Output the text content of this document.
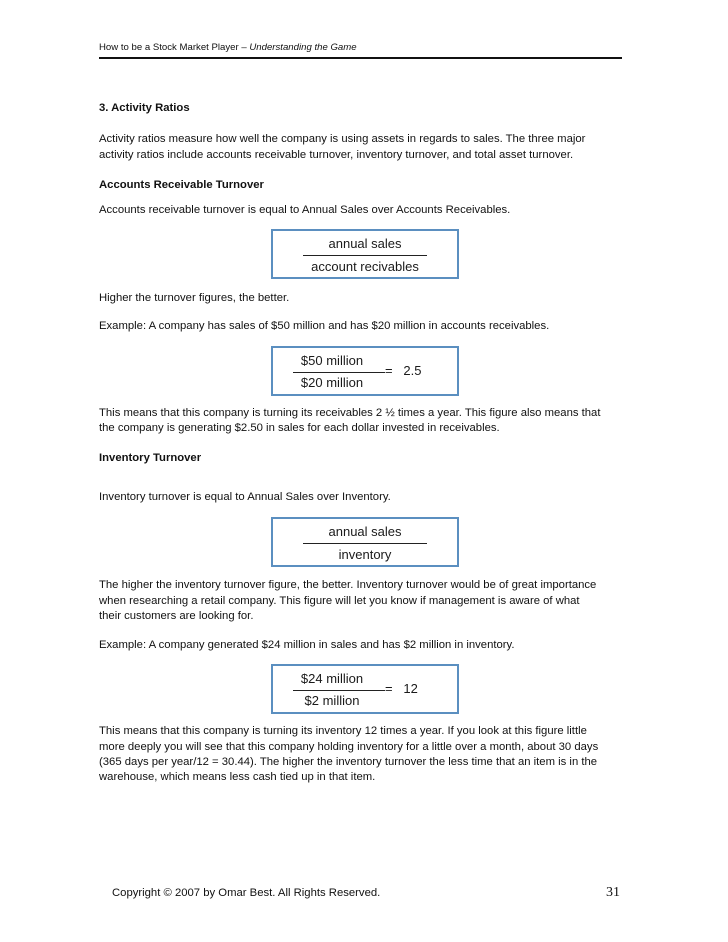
How to be a Stock Market Player – Understanding the Game

3. Activity Ratios

Activity ratios measure how well the company is using assets in regards to sales. The three major

activity ratios include accounts receivable turnover, inventory turnover, and total asset turnover.

Accounts Receivable Turnover

Accounts receivable turnover is equal to Annual Sales over Accounts Receivables.

annual sales
account recivables

Higher the turnover figures, the better.

Example: A company has sales of $50 million and has $20 million in accounts receivables.

$50 million
$20 million
=   2.5

This means that this company is turning its receivables 2 ½ times a year. This figure also means that

the company is generating $2.50 in sales for each dollar invested in receivables.

Inventory Turnover

Inventory turnover is equal to Annual Sales over Inventory.

annual sales
inventory

The higher the inventory turnover figure, the better. Inventory turnover would be of great importance

when researching a retail company. This figure will let you know if management is aware of what

their customers are looking for.

Example: A company generated $24 million in sales and has $2 million in inventory.

$24 million
$2 million
=   12

This means that this company is turning its inventory 12 times a year. If you look at this figure little

more deeply you will see that this company holding inventory for a little over a month, about 30 days

(365 days per year/12 = 30.44). The higher the inventory turnover the less time that an item is in the

warehouse, which means less cash tied up in that item.

Copyright © 2007 by Omar Best. All Rights Reserved.	31
